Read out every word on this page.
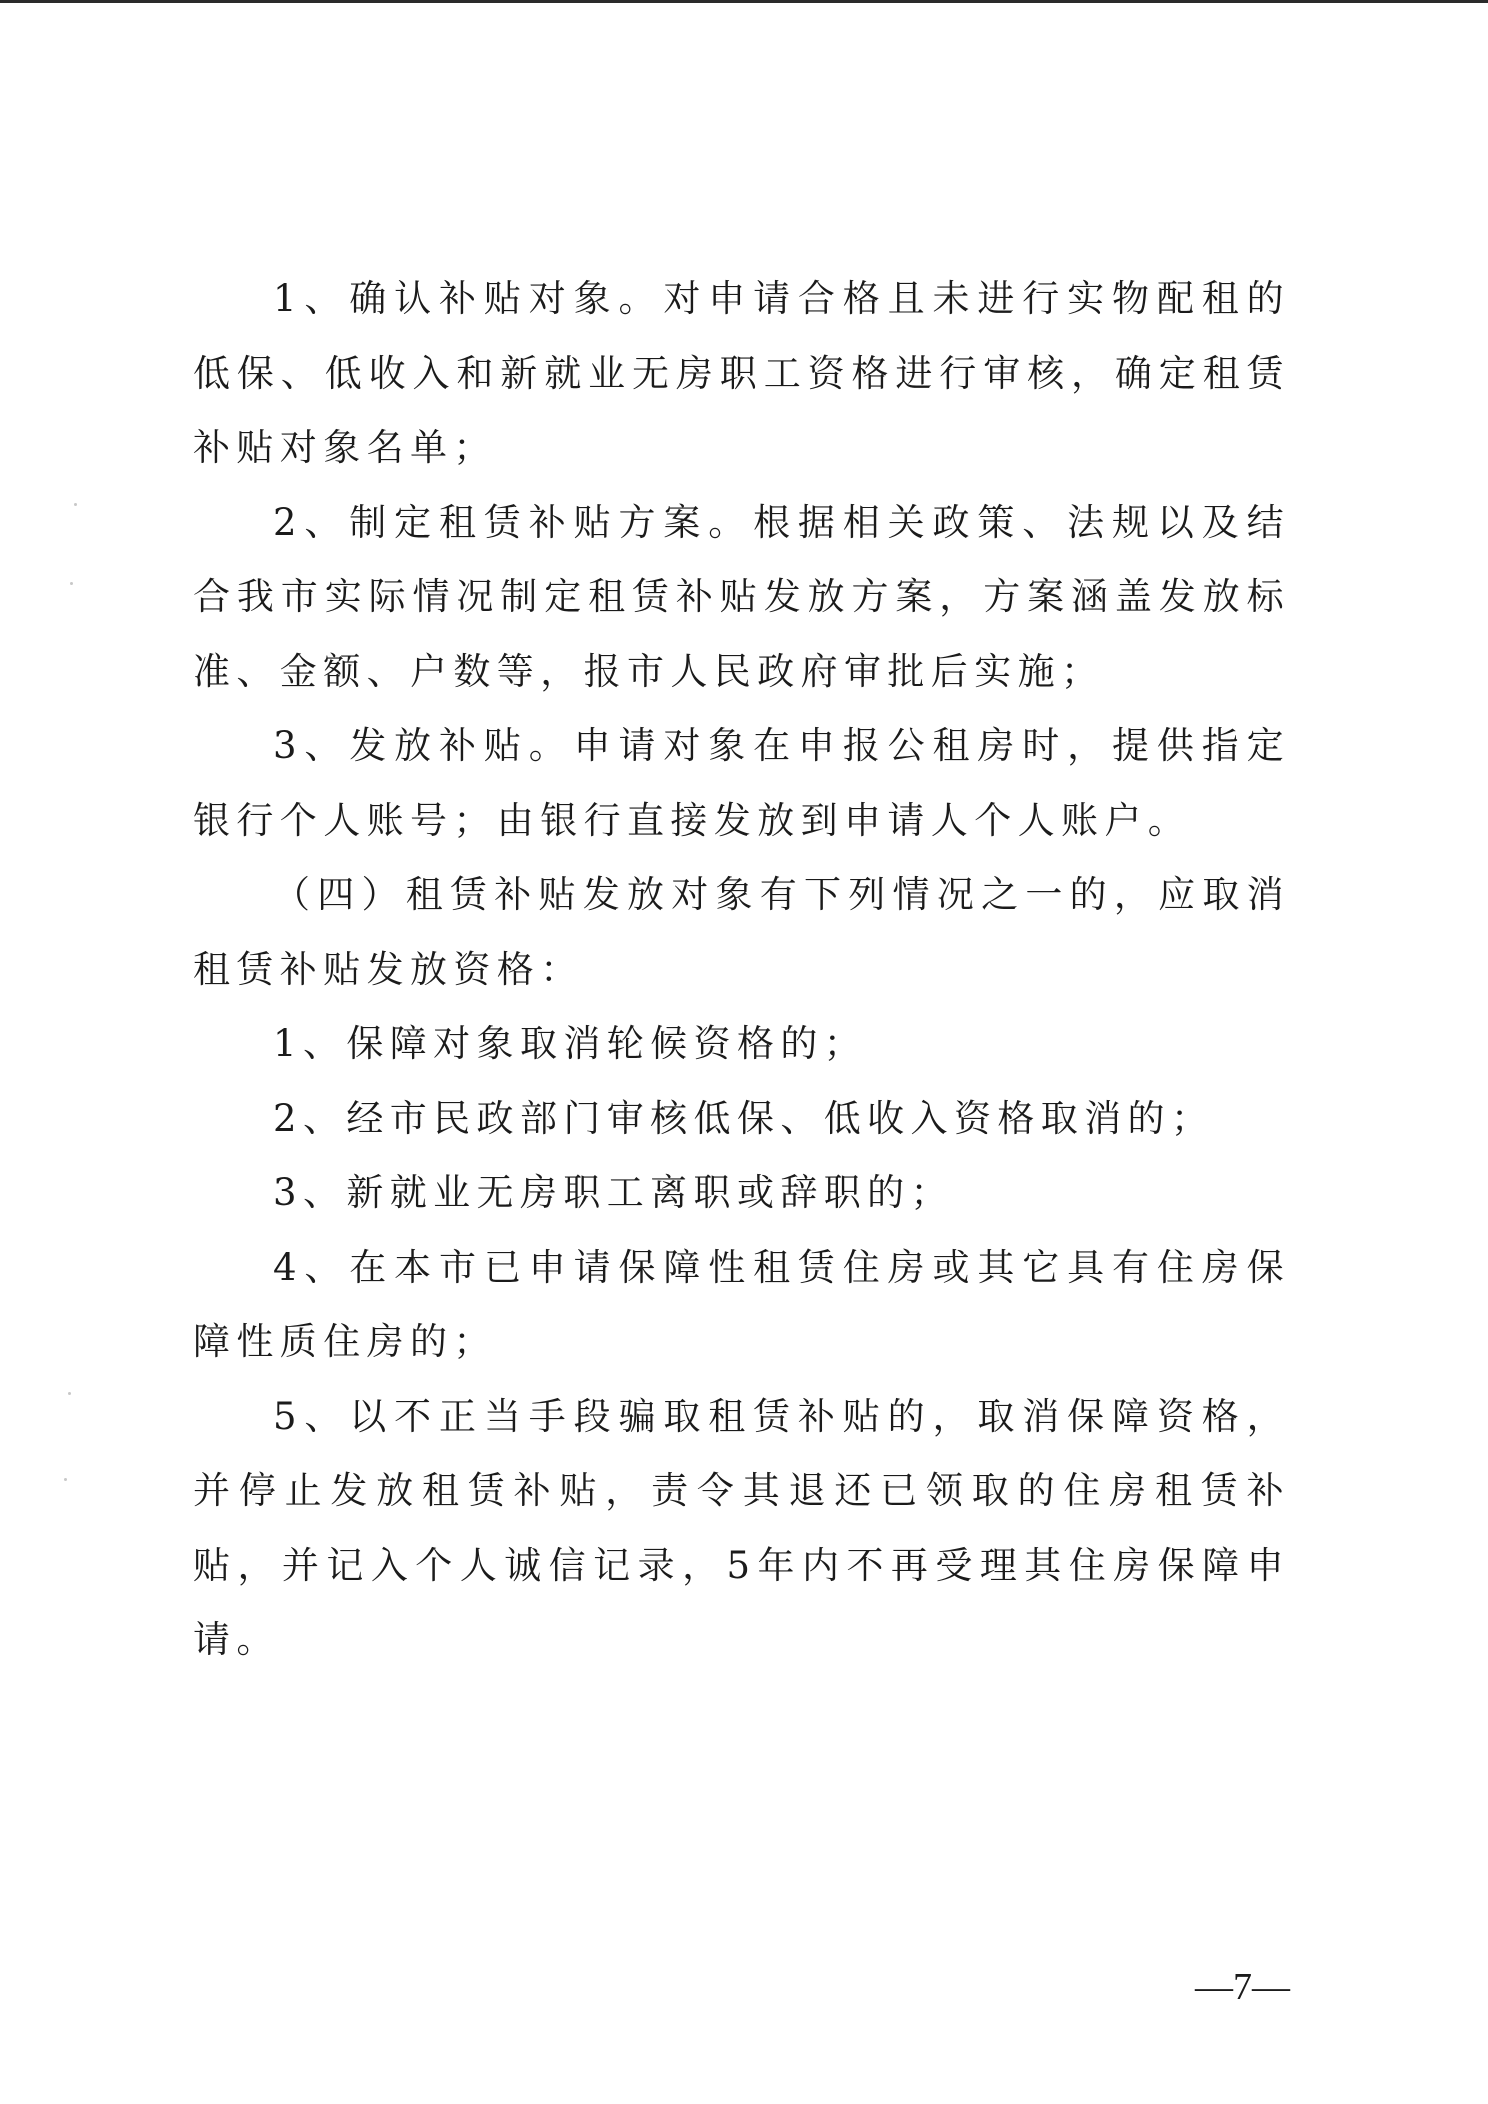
1、确认补贴对象。对申请合格且未进行实物配租的低保、低收入和新就业无房职工资格进行审核，确定租赁补贴对象名单；

2、制定租赁补贴方案。根据相关政策、法规以及结合我市实际情况制定租赁补贴发放方案，方案涵盖发放标准、金额、户数等，报市人民政府审批后实施；

3、发放补贴。申请对象在申报公租房时，提供指定银行个人账号；由银行直接发放到申请人个人账户。

（四）租赁补贴发放对象有下列情况之一的，应取消租赁补贴发放资格：

1、保障对象取消轮候资格的；

2、经市民政部门审核低保、低收入资格取消的；

3、新就业无房职工离职或辞职的；

4、在本市已申请保障性租赁住房或其它具有住房保障性质住房的；

5、以不正当手段骗取租赁补贴的，取消保障资格，并停止发放租赁补贴，责令其退还已领取的住房租赁补贴，并记入个人诚信记录，5年内不再受理其住房保障申请。

—7—
